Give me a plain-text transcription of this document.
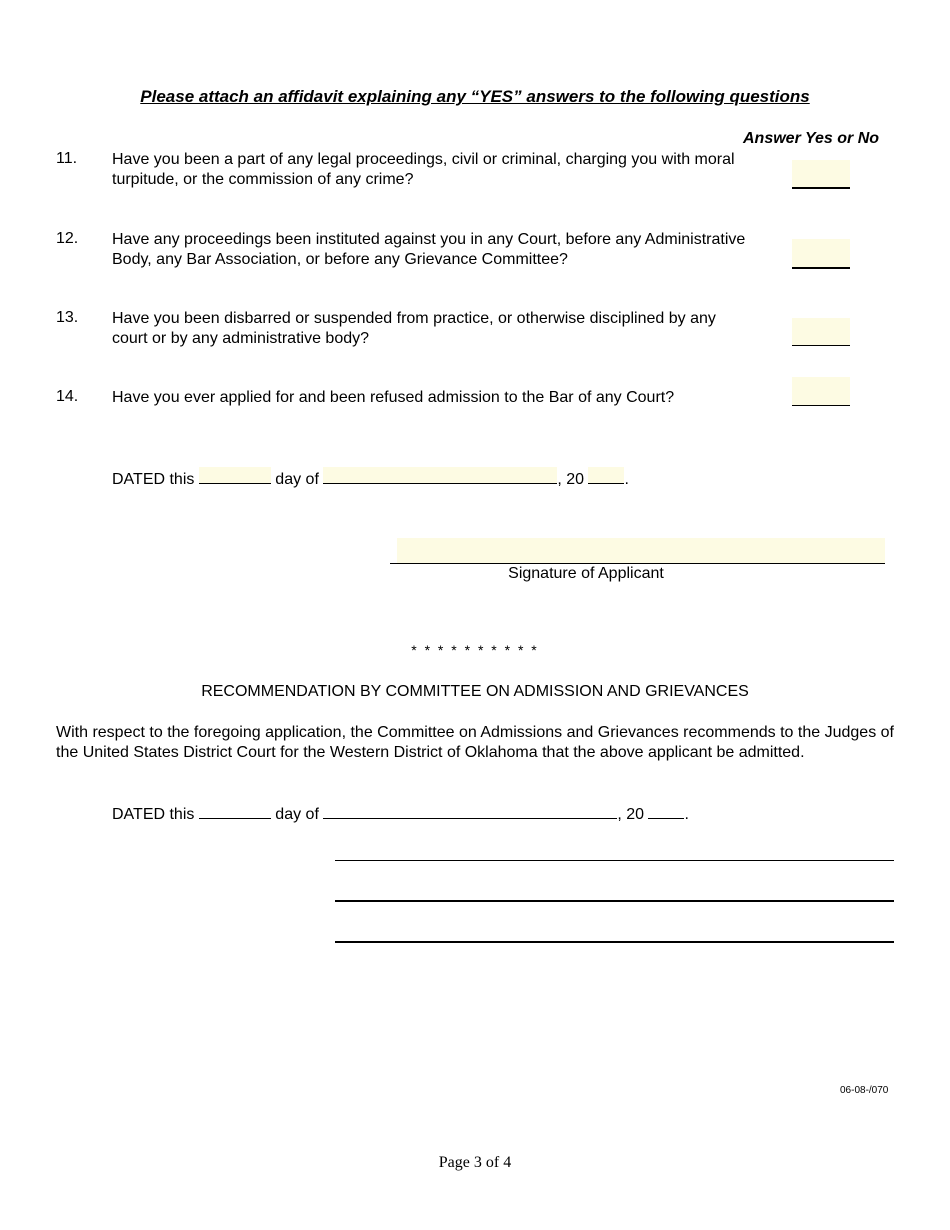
Please attach an affidavit explaining any “YES” answers to the following questions
Answer Yes or No
11. Have you been a part of any legal proceedings, civil or criminal, charging you with moral turpitude, or the commission of any crime?
12. Have any proceedings been instituted against you in any Court, before any Administrative Body, any Bar Association, or before any Grievance Committee?
13. Have you been disbarred or suspended from practice, or otherwise disciplined by any court or by any administrative body?
14. Have you ever applied for and been refused admission to the Bar of any Court?
DATED this	day of	, 20	.
Signature of Applicant
* * * * * * * * * *
RECOMMENDATION BY COMMITTEE ON ADMISSION AND GRIEVANCES
With respect to the foregoing application, the Committee on Admissions and Grievances recommends to the Judges of the United States District Court for the Western District of Oklahoma that the above applicant be admitted.
DATED this	day of	, 20	.
06-08-/070
Page 3 of 4
